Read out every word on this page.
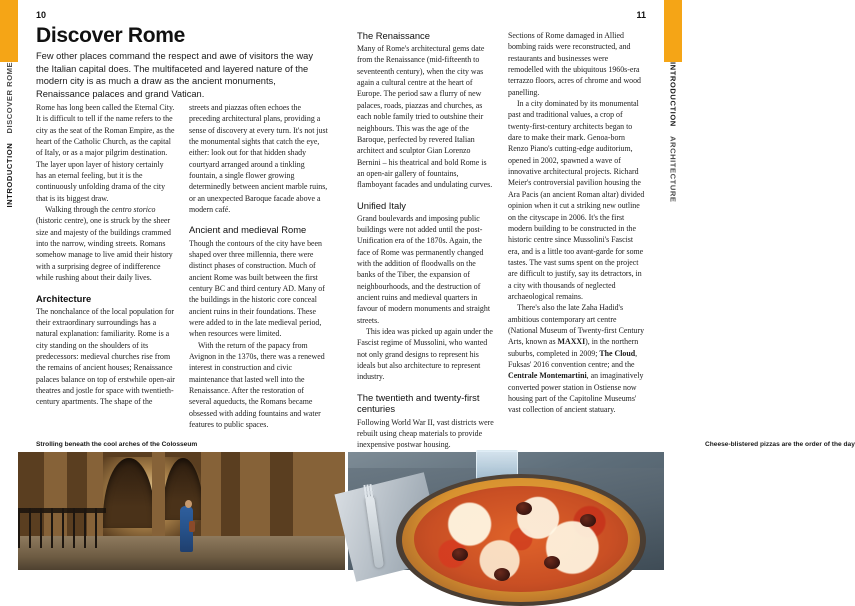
INTRODUCTION
DISCOVER ROME	INTRODUCTION
ARCHITECTURE
10	11
Discover Rome
Few other places command the respect and awe of visitors the way the Italian capital does. The multifaceted and layered nature of the modern city is as much a draw as the ancient monuments, Renaissance palaces and grand Vatican.

Rome has long been called the Eternal City. It is difficult to tell if the name refers to the city as the seat of the Roman Empire, as the heart of the Catholic Church, as the capital of Italy, or as a major pilgrim destination. The layer upon layer of history certainly has an eternal feeling, but it is the continuously unfolding drama of the city that is its biggest draw.

Walking through the centro storico (historic centre), one is struck by the sheer size and majesty of the buildings crammed into the narrow, winding streets. Romans somehow manage to live amid their history with a surprising degree of indifference while rushing about their daily lives.

Architecture

The nonchalance of the local population for their extraordinary surroundings has a natural explanation: familiarity. Rome is a city standing on the shoulders of its predecessors: medieval churches rise from the remains of ancient houses; Renaissance palaces balance on top of erstwhile open-air theatres and jostle for space with twentieth-century apartments. The shape of the

streets and piazzas often echoes the preceding architectural plans, providing a sense of discovery at every turn. It's not just the monumental sights that catch the eye, either: look out for that hidden shady courtyard arranged around a tinkling fountain, a single flower growing determinedly between ancient marble ruins, or an unexpected Baroque facade above a modern café.

Ancient and medieval Rome

Though the contours of the city have been shaped over three millennia, there were distinct phases of construction. Much of ancient Rome was built between the first century BC and third century AD. Many of the buildings in the historic core conceal ancient ruins in their foundations. These were added to in the late medieval period, when resources were limited.

With the return of the papacy from Avignon in the 1370s, there was a renewed interest in construction and civic maintenance that lasted well into the Renaissance. After the restoration of several aqueducts, the Romans became obsessed with adding fountains and water features to public spaces.

Strolling beneath the cool arches of the Colosseum
The Renaissance

Many of Rome's architectural gems date from the Renaissance (mid-fifteenth to seventeenth century), when the city was again a cultural centre at the heart of Europe. The period saw a flurry of new palaces, roads, piazzas and churches, as each noble family tried to outshine their neighbours. This was the age of the Baroque, perfected by revered Italian architect and sculptor Gian Lorenzo Bernini – his theatrical and bold Rome is an open-air gallery of fountains, flamboyant facades and undulating curves.

Unified Italy

Grand boulevards and imposing public buildings were not added until the post-Unification era of the 1870s. Again, the face of Rome was permanently changed with the addition of floodwalls on the banks of the Tiber, the expansion of neighbourhoods, and the destruction of ancient ruins and medieval quarters in favour of modern monuments and straight streets.

This idea was picked up again under the Fascist regime of Mussolini, who wanted not only grand designs to represent his ideals but also architecture to represent industry.

The twentieth and twenty-first centuries

Following World War II, vast districts were rebuilt using cheap materials to provide inexpensive postwar housing.

Sections of Rome damaged in Allied bombing raids were reconstructed, and restaurants and businesses were remodelled with the ubiquitous 1960s-era terrazzo floors, acres of chrome and wood panelling.

In a city dominated by its monumental past and traditional values, a crop of twenty-first-century architects began to dare to make their mark. Genoa-born Renzo Piano's cutting-edge auditorium, opened in 2002, spawned a wave of innovative architectural projects. Richard Meier's controversial pavilion housing the Ara Pacis (an ancient Roman altar) divided opinion when it cut a striking new outline on the cityscape in 2006. It's the first modern building to be constructed in the historic centre since Mussolini's Fascist era, and is a little too avant-garde for some tastes. The vast sums spent on the project are difficult to justify, say its detractors, in a city with thousands of neglected archaeological remains.

There's also the late Zaha Hadid's ambitious contemporary art centre (National Museum of Twenty-first Century Arts, known as MAXXI), in the northern suburbs, completed in 2009; The Cloud, Fuksas' 2016 convention centre; and the Centrale Montemartini, an imaginatively converted power station in Ostiense now housing part of the Capitoline Museums' vast collection of ancient statuary.

Cheese-blistered pizzas are the order of the day
